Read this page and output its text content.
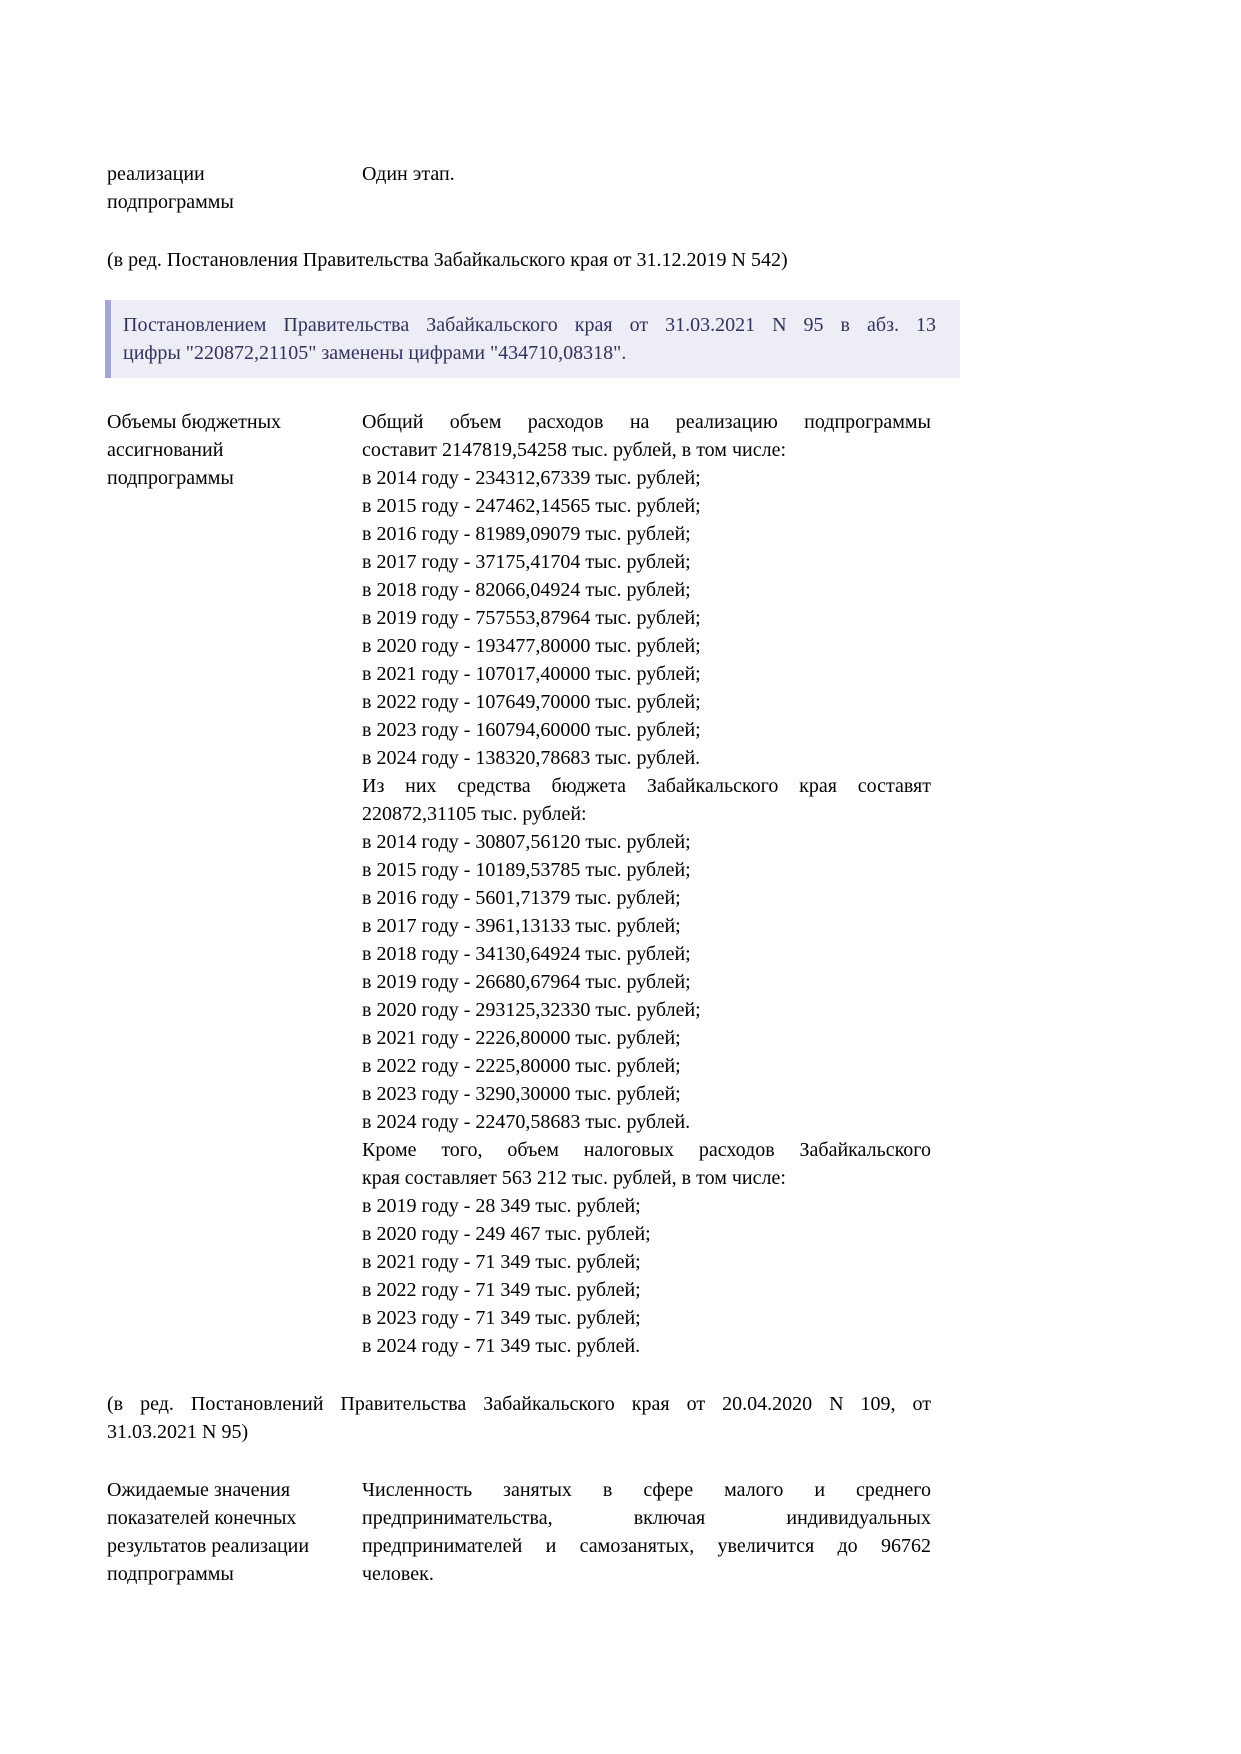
реализации
подпрограммы
Один этап.
(в ред. Постановления Правительства Забайкальского края от 31.12.2019 N 542)
Постановлением Правительства Забайкальского края от 31.03.2021 N 95 в абз. 13
цифры "220872,21105" заменены цифрами "434710,08318".
Объемы бюджетных
ассигнований
подпрограммы
Общий объем расходов на реализацию подпрограммы
составит 2147819,54258 тыс. рублей, в том числе:
в 2014 году - 234312,67339 тыс. рублей;
в 2015 году - 247462,14565 тыс. рублей;
в 2016 году - 81989,09079 тыс. рублей;
в 2017 году - 37175,41704 тыс. рублей;
в 2018 году - 82066,04924 тыс. рублей;
в 2019 году - 757553,87964 тыс. рублей;
в 2020 году - 193477,80000 тыс. рублей;
в 2021 году - 107017,40000 тыс. рублей;
в 2022 году - 107649,70000 тыс. рублей;
в 2023 году - 160794,60000 тыс. рублей;
в 2024 году - 138320,78683 тыс. рублей.
Из них средства бюджета Забайкальского края составят
220872,31105 тыс. рублей:
в 2014 году - 30807,56120 тыс. рублей;
в 2015 году - 10189,53785 тыс. рублей;
в 2016 году - 5601,71379 тыс. рублей;
в 2017 году - 3961,13133 тыс. рублей;
в 2018 году - 34130,64924 тыс. рублей;
в 2019 году - 26680,67964 тыс. рублей;
в 2020 году - 293125,32330 тыс. рублей;
в 2021 году - 2226,80000 тыс. рублей;
в 2022 году - 2225,80000 тыс. рублей;
в 2023 году - 3290,30000 тыс. рублей;
в 2024 году - 22470,58683 тыс. рублей.
Кроме того, объем налоговых расходов Забайкальского
края составляет 563 212 тыс. рублей, в том числе:
в 2019 году - 28 349 тыс. рублей;
в 2020 году - 249 467 тыс. рублей;
в 2021 году - 71 349 тыс. рублей;
в 2022 году - 71 349 тыс. рублей;
в 2023 году - 71 349 тыс. рублей;
в 2024 году - 71 349 тыс. рублей.
(в ред. Постановлений Правительства Забайкальского края от 20.04.2020 N 109, от
31.03.2021 N 95)
Ожидаемые значения
показателей конечных
результатов реализации
подпрограммы
Численность занятых в сфере малого и среднего
предпринимательства, включая индивидуальных
предпринимателей и самозанятых, увеличится до 96762
человек.
